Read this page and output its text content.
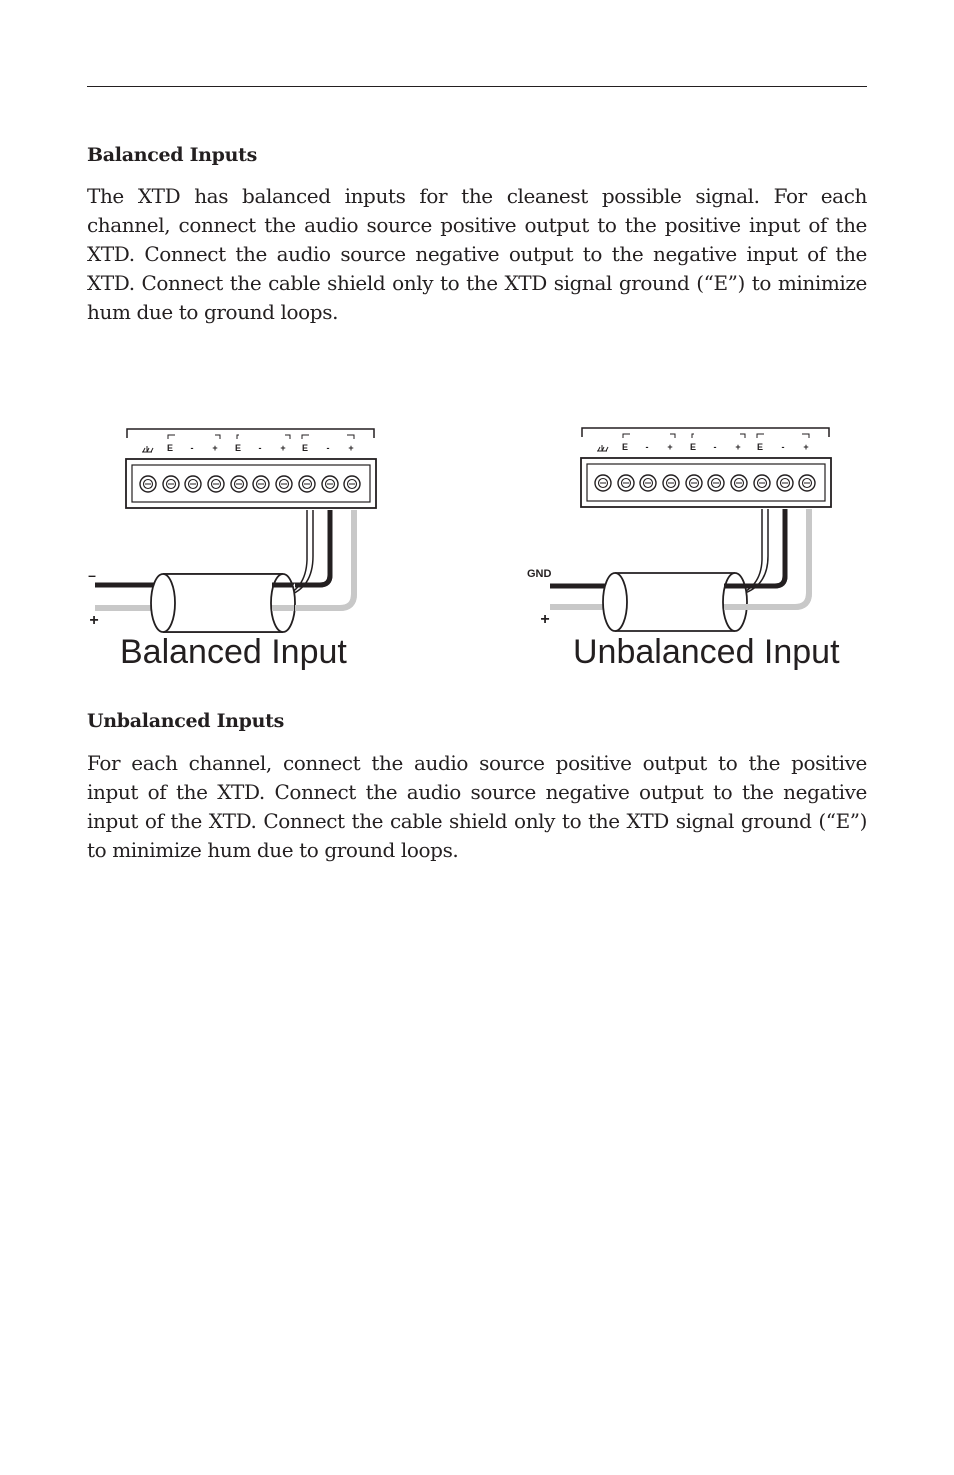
Balanced Inputs

The XTD has balanced inputs for the cleanest possible signal. For each channel, connect the audio source positive output to the positive input of the XTD. Connect the audio source negative output to the negative input of the XTD. Connect the cable shield only to the XTD signal ground (“E”) to minimize hum due to ground loops.

E - + E - + E - +
–
+
Balanced Input
E - + E - + E - +
GND
+
Unbalanced Input
Unbalanced Inputs

For each channel, connect the audio source positive output to the positive input of the XTD. Connect the audio source negative output to the negative input of the XTD. Connect the cable shield only to the XTD signal ground (“E”) to minimize hum due to ground loops.
